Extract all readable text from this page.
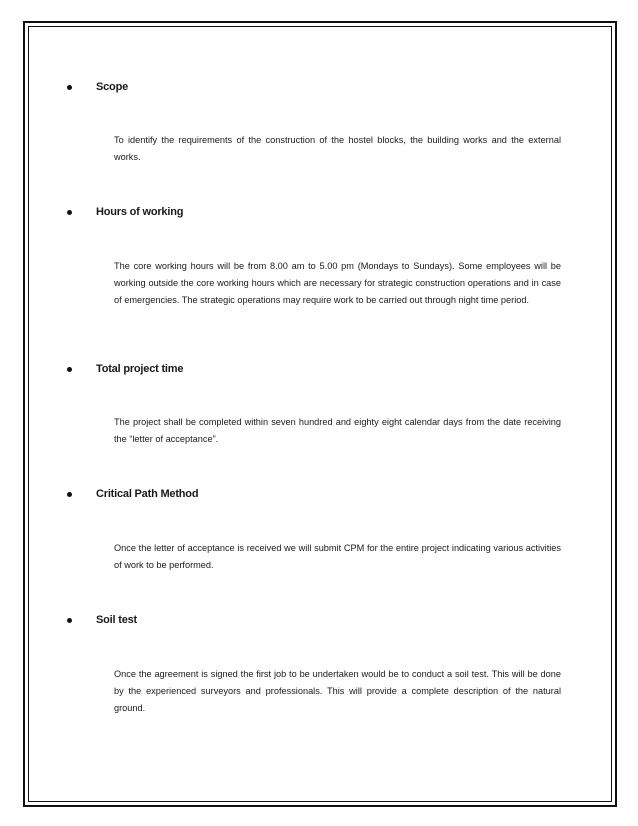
Scope

To identify the requirements of the construction of the hostel blocks, the building works and the external works.

Hours of working

The core working hours will be from 8.00 am to 5.00 pm (Mondays to Sundays). Some employees will be working outside the core working hours which are necessary for strategic construction operations and in case of emergencies. The strategic operations may require work to be carried out through night time period.

Total project time

The project shall be completed within seven hundred and eighty eight calendar days from the date receiving the “letter of acceptance”.

Critical Path Method

Once the letter of acceptance is received we will submit CPM for the entire project indicating various activities of work to be performed.

Soil test

Once the agreement is signed the first job to be undertaken would be to conduct a soil test. This will be done by the experienced surveyors and professionals. This will provide a complete description of the natural ground.
